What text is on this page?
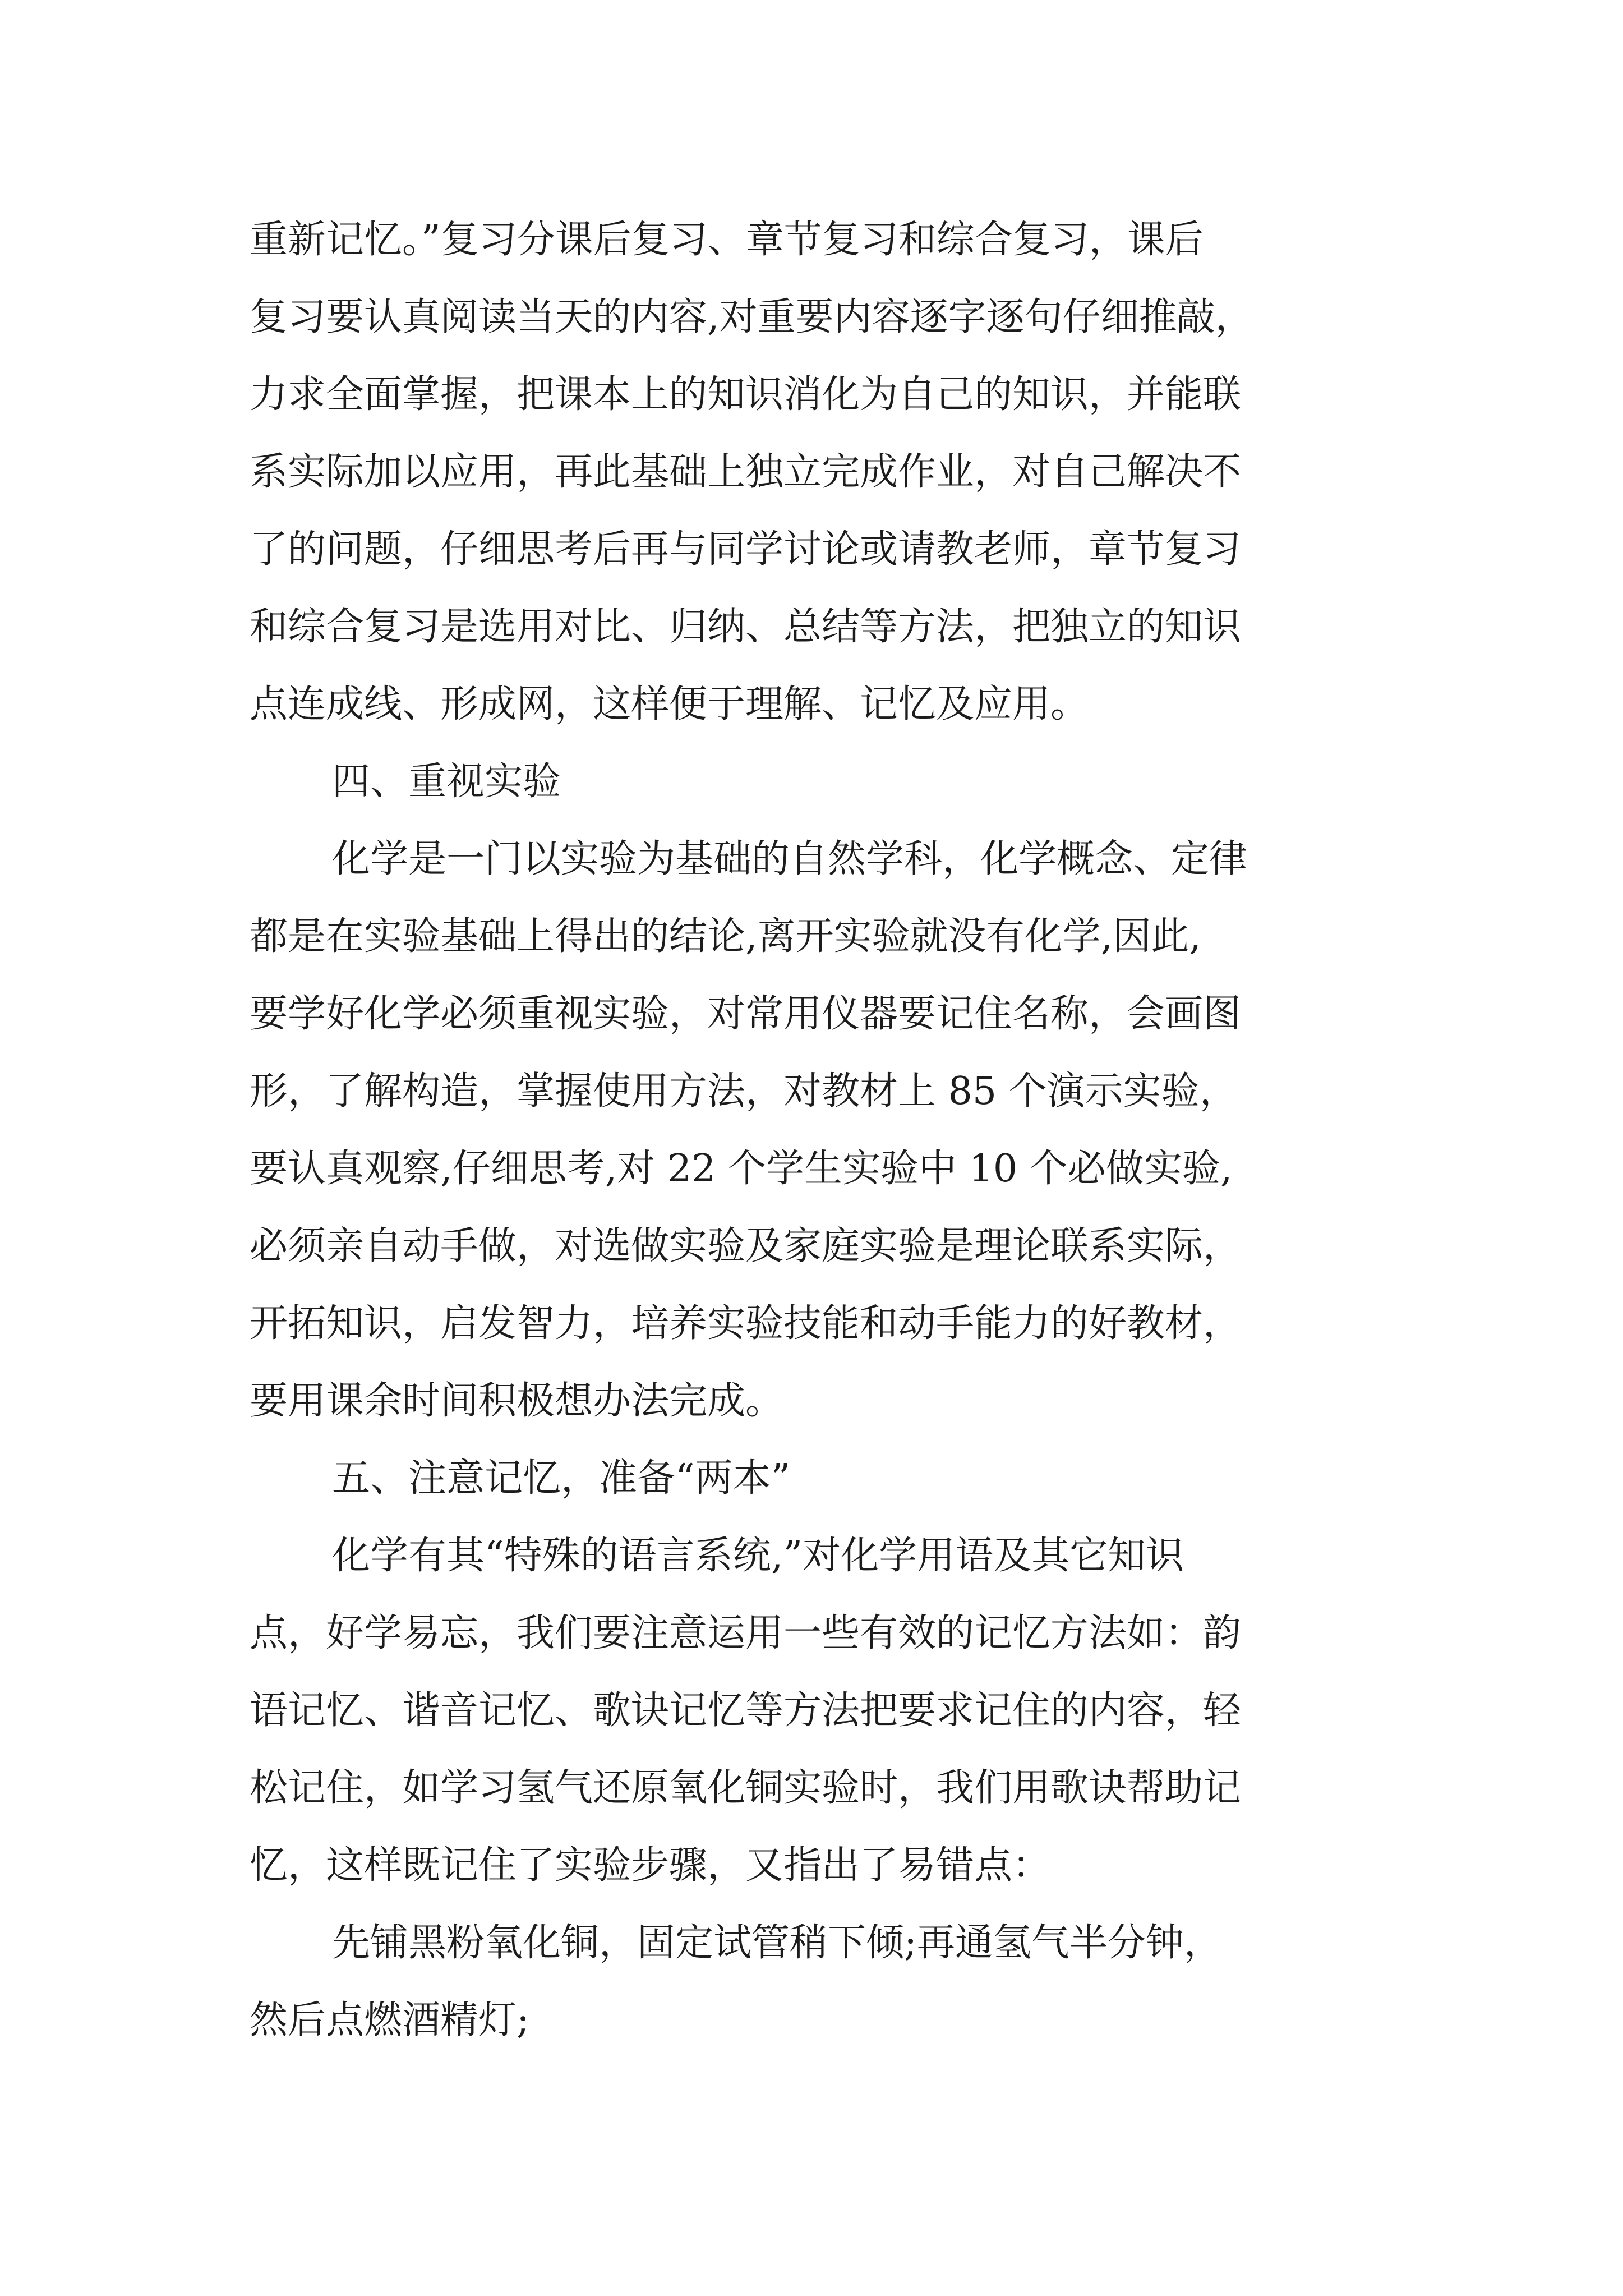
重新记忆。”复习分课后复习、章节复习和综合复习，课后
复习要认真阅读当天的内容,对重要内容逐字逐句仔细推敲，
力求全面掌握，把课本上的知识消化为自己的知识，并能联
系实际加以应用，再此基础上独立完成作业，对自己解决不
了的问题，仔细思考后再与同学讨论或请教老师，章节复习
和综合复习是选用对比、归纳、总结等方法，把独立的知识
点连成线、形成网，这样便于理解、记忆及应用。
四、重视实验
化学是一门以实验为基础的自然学科，化学概念、定律
都是在实验基础上得出的结论,离开实验就没有化学,因此,
要学好化学必须重视实验，对常用仪器要记住名称，会画图
形，了解构造，掌握使用方法，对教材上 85 个演示实验，
要认真观察,仔细思考,对 22 个学生实验中 10 个必做实验,
必须亲自动手做，对选做实验及家庭实验是理论联系实际，
开拓知识，启发智力，培养实验技能和动手能力的好教材，
要用课余时间积极想办法完成。
五、注意记忆，准备“两本”
化学有其“特殊的语言系统,”对化学用语及其它知识
点，好学易忘，我们要注意运用一些有效的记忆方法如：韵
语记忆、谐音记忆、歌诀记忆等方法把要求记住的内容，轻
松记住，如学习氢气还原氧化铜实验时，我们用歌诀帮助记
忆，这样既记住了实验步骤，又指出了易错点：
先铺黑粉氧化铜，固定试管稍下倾;再通氢气半分钟，
然后点燃酒精灯;
